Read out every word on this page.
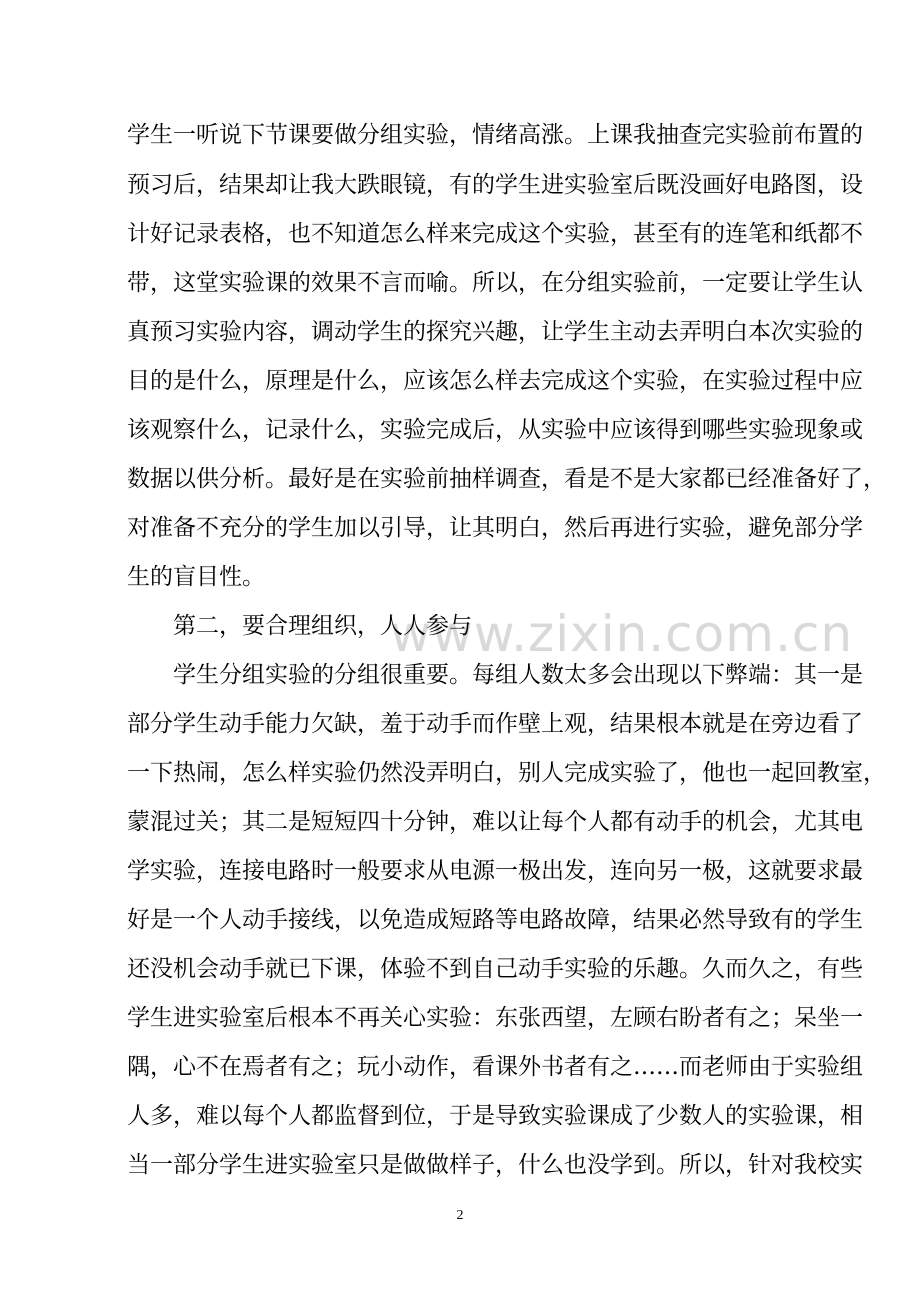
www.zixin.com.cn
学生一听说下节课要做分组实验，情绪高涨。上课我抽查完实验前布置的
预习后，结果却让我大跌眼镜，有的学生进实验室后既没画好电路图，设
计好记录表格，也不知道怎么样来完成这个实验，甚至有的连笔和纸都不
带，这堂实验课的效果不言而喻。所以，在分组实验前，一定要让学生认
真预习实验内容，调动学生的探究兴趣，让学生主动去弄明白本次实验的
目的是什么，原理是什么，应该怎么样去完成这个实验，在实验过程中应
该观察什么，记录什么，实验完成后，从实验中应该得到哪些实验现象或
数据以供分析。最好是在实验前抽样调查，看是不是大家都已经准备好了，
对准备不充分的学生加以引导，让其明白，然后再进行实验，避免部分学
生的盲目性。
第二，要合理组织，人人参与
学生分组实验的分组很重要。每组人数太多会出现以下弊端：其一是
部分学生动手能力欠缺，羞于动手而作壁上观，结果根本就是在旁边看了
一下热闹，怎么样实验仍然没弄明白，别人完成实验了，他也一起回教室，
蒙混过关；其二是短短四十分钟，难以让每个人都有动手的机会，尤其电
学实验，连接电路时一般要求从电源一极出发，连向另一极，这就要求最
好是一个人动手接线，以免造成短路等电路故障，结果必然导致有的学生
还没机会动手就已下课，体验不到自己动手实验的乐趣。久而久之，有些
学生进实验室后根本不再关心实验：东张西望，左顾右盼者有之；呆坐一
隅，心不在焉者有之；玩小动作，看课外书者有之……而老师由于实验组
人多，难以每个人都监督到位，于是导致实验课成了少数人的实验课，相
当一部分学生进实验室只是做做样子，什么也没学到。所以，针对我校实
2
